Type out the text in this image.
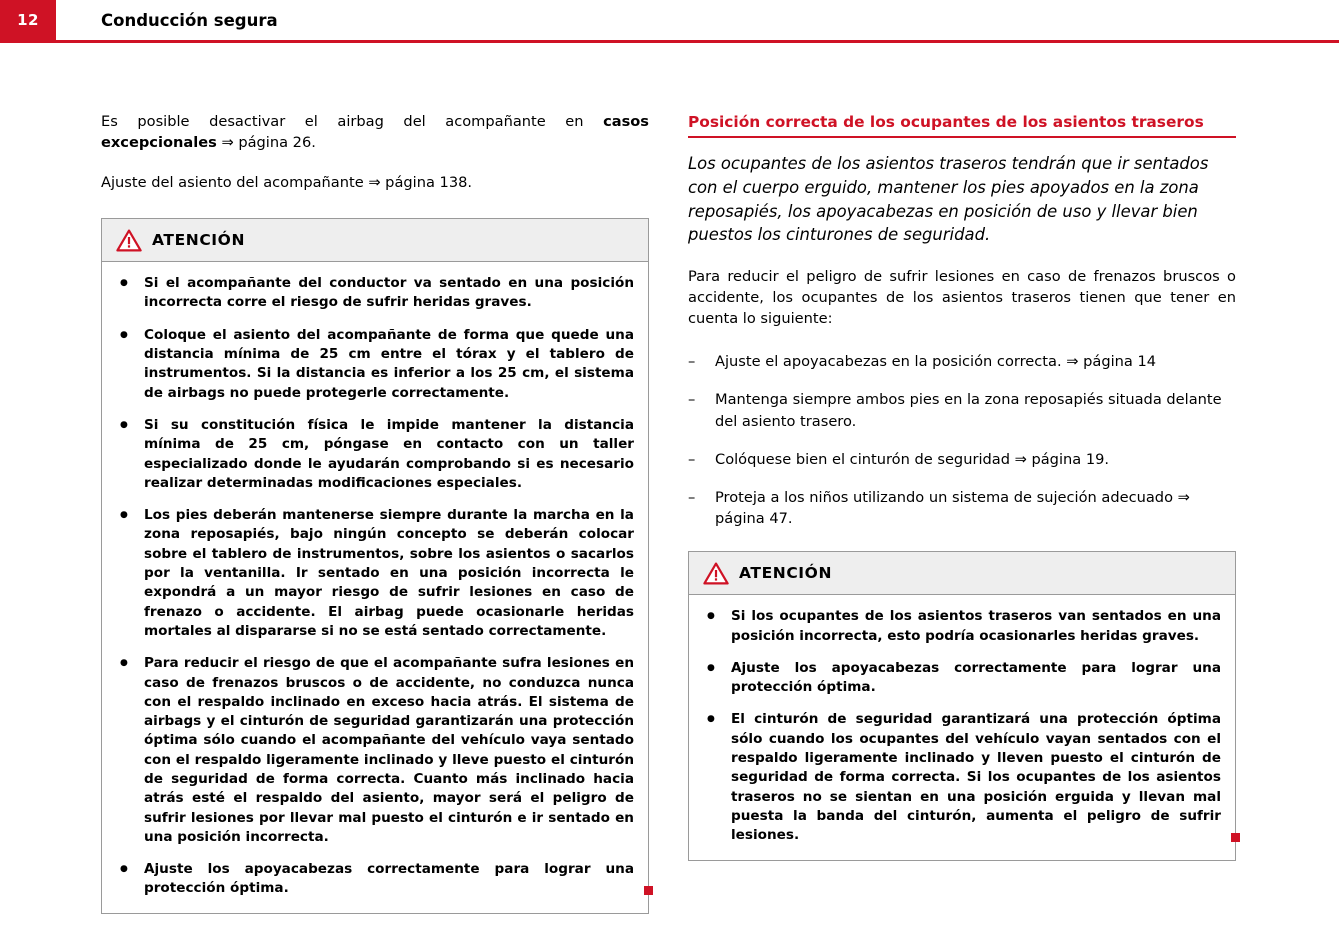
12	Conducción segura

Es posible desactivar el airbag del acompañante en casos excepcionales ⇒ página 26.

Ajuste del asiento del acompañante ⇒ página 138.

ATENCIÓN
● Si el acompañante del conductor va sentado en una posición incorrecta corre el riesgo de sufrir heridas graves.
● Coloque el asiento del acompañante de forma que quede una distancia mínima de 25 cm entre el tórax y el tablero de instrumentos. Si la distancia es inferior a los 25 cm, el sistema de airbags no puede protegerle correctamente.
● Si su constitución física le impide mantener la distancia mínima de 25 cm, póngase en contacto con un taller especializado donde le ayudarán comprobando si es necesario realizar determinadas modificaciones especiales.
● Los pies deberán mantenerse siempre durante la marcha en la zona reposapiés, bajo ningún concepto se deberán colocar sobre el tablero de instrumentos, sobre los asientos o sacarlos por la ventanilla. Ir sentado en una posición incorrecta le expondrá a un mayor riesgo de sufrir lesiones en caso de frenazo o accidente. El airbag puede ocasionarle heridas mortales al dispararse si no se está sentado correctamente.
● Para reducir el riesgo de que el acompañante sufra lesiones en caso de frenazos bruscos o de accidente, no conduzca nunca con el respaldo inclinado en exceso hacia atrás. El sistema de airbags y el cinturón de seguridad garantizarán una protección óptima sólo cuando el acompañante del vehículo vaya sentado con el respaldo ligeramente inclinado y lleve puesto el cinturón de seguridad de forma correcta. Cuanto más inclinado hacia atrás esté el respaldo del asiento, mayor será el peligro de sufrir lesiones por llevar mal puesto el cinturón e ir sentado en una posición incorrecta.
● Ajuste los apoyacabezas correctamente para lograr una protección óptima.
Posición correcta de los ocupantes de los asientos traseros

Los ocupantes de los asientos traseros tendrán que ir sentados con el cuerpo erguido, mantener los pies apoyados en la zona reposapiés, los apoyacabezas en posición de uso y llevar bien puestos los cinturones de seguridad.

Para reducir el peligro de sufrir lesiones en caso de frenazos bruscos o accidente, los ocupantes de los asientos traseros tienen que tener en cuenta lo siguiente:

– Ajuste el apoyacabezas en la posición correcta. ⇒ página 14
– Mantenga siempre ambos pies en la zona reposapiés situada delante del asiento trasero.
– Colóquese bien el cinturón de seguridad ⇒ página 19.
– Proteja a los niños utilizando un sistema de sujeción adecuado ⇒ página 47.
ATENCIÓN
● Si los ocupantes de los asientos traseros van sentados en una posición incorrecta, esto podría ocasionarles heridas graves.
● Ajuste los apoyacabezas correctamente para lograr una protección óptima.
● El cinturón de seguridad garantizará una protección óptima sólo cuando los ocupantes del vehículo vayan sentados con el respaldo ligeramente inclinado y lleven puesto el cinturón de seguridad de forma correcta. Si los ocupantes de los asientos traseros no se sientan en una posición erguida y llevan mal puesta la banda del cinturón, aumenta el peligro de sufrir lesiones.
